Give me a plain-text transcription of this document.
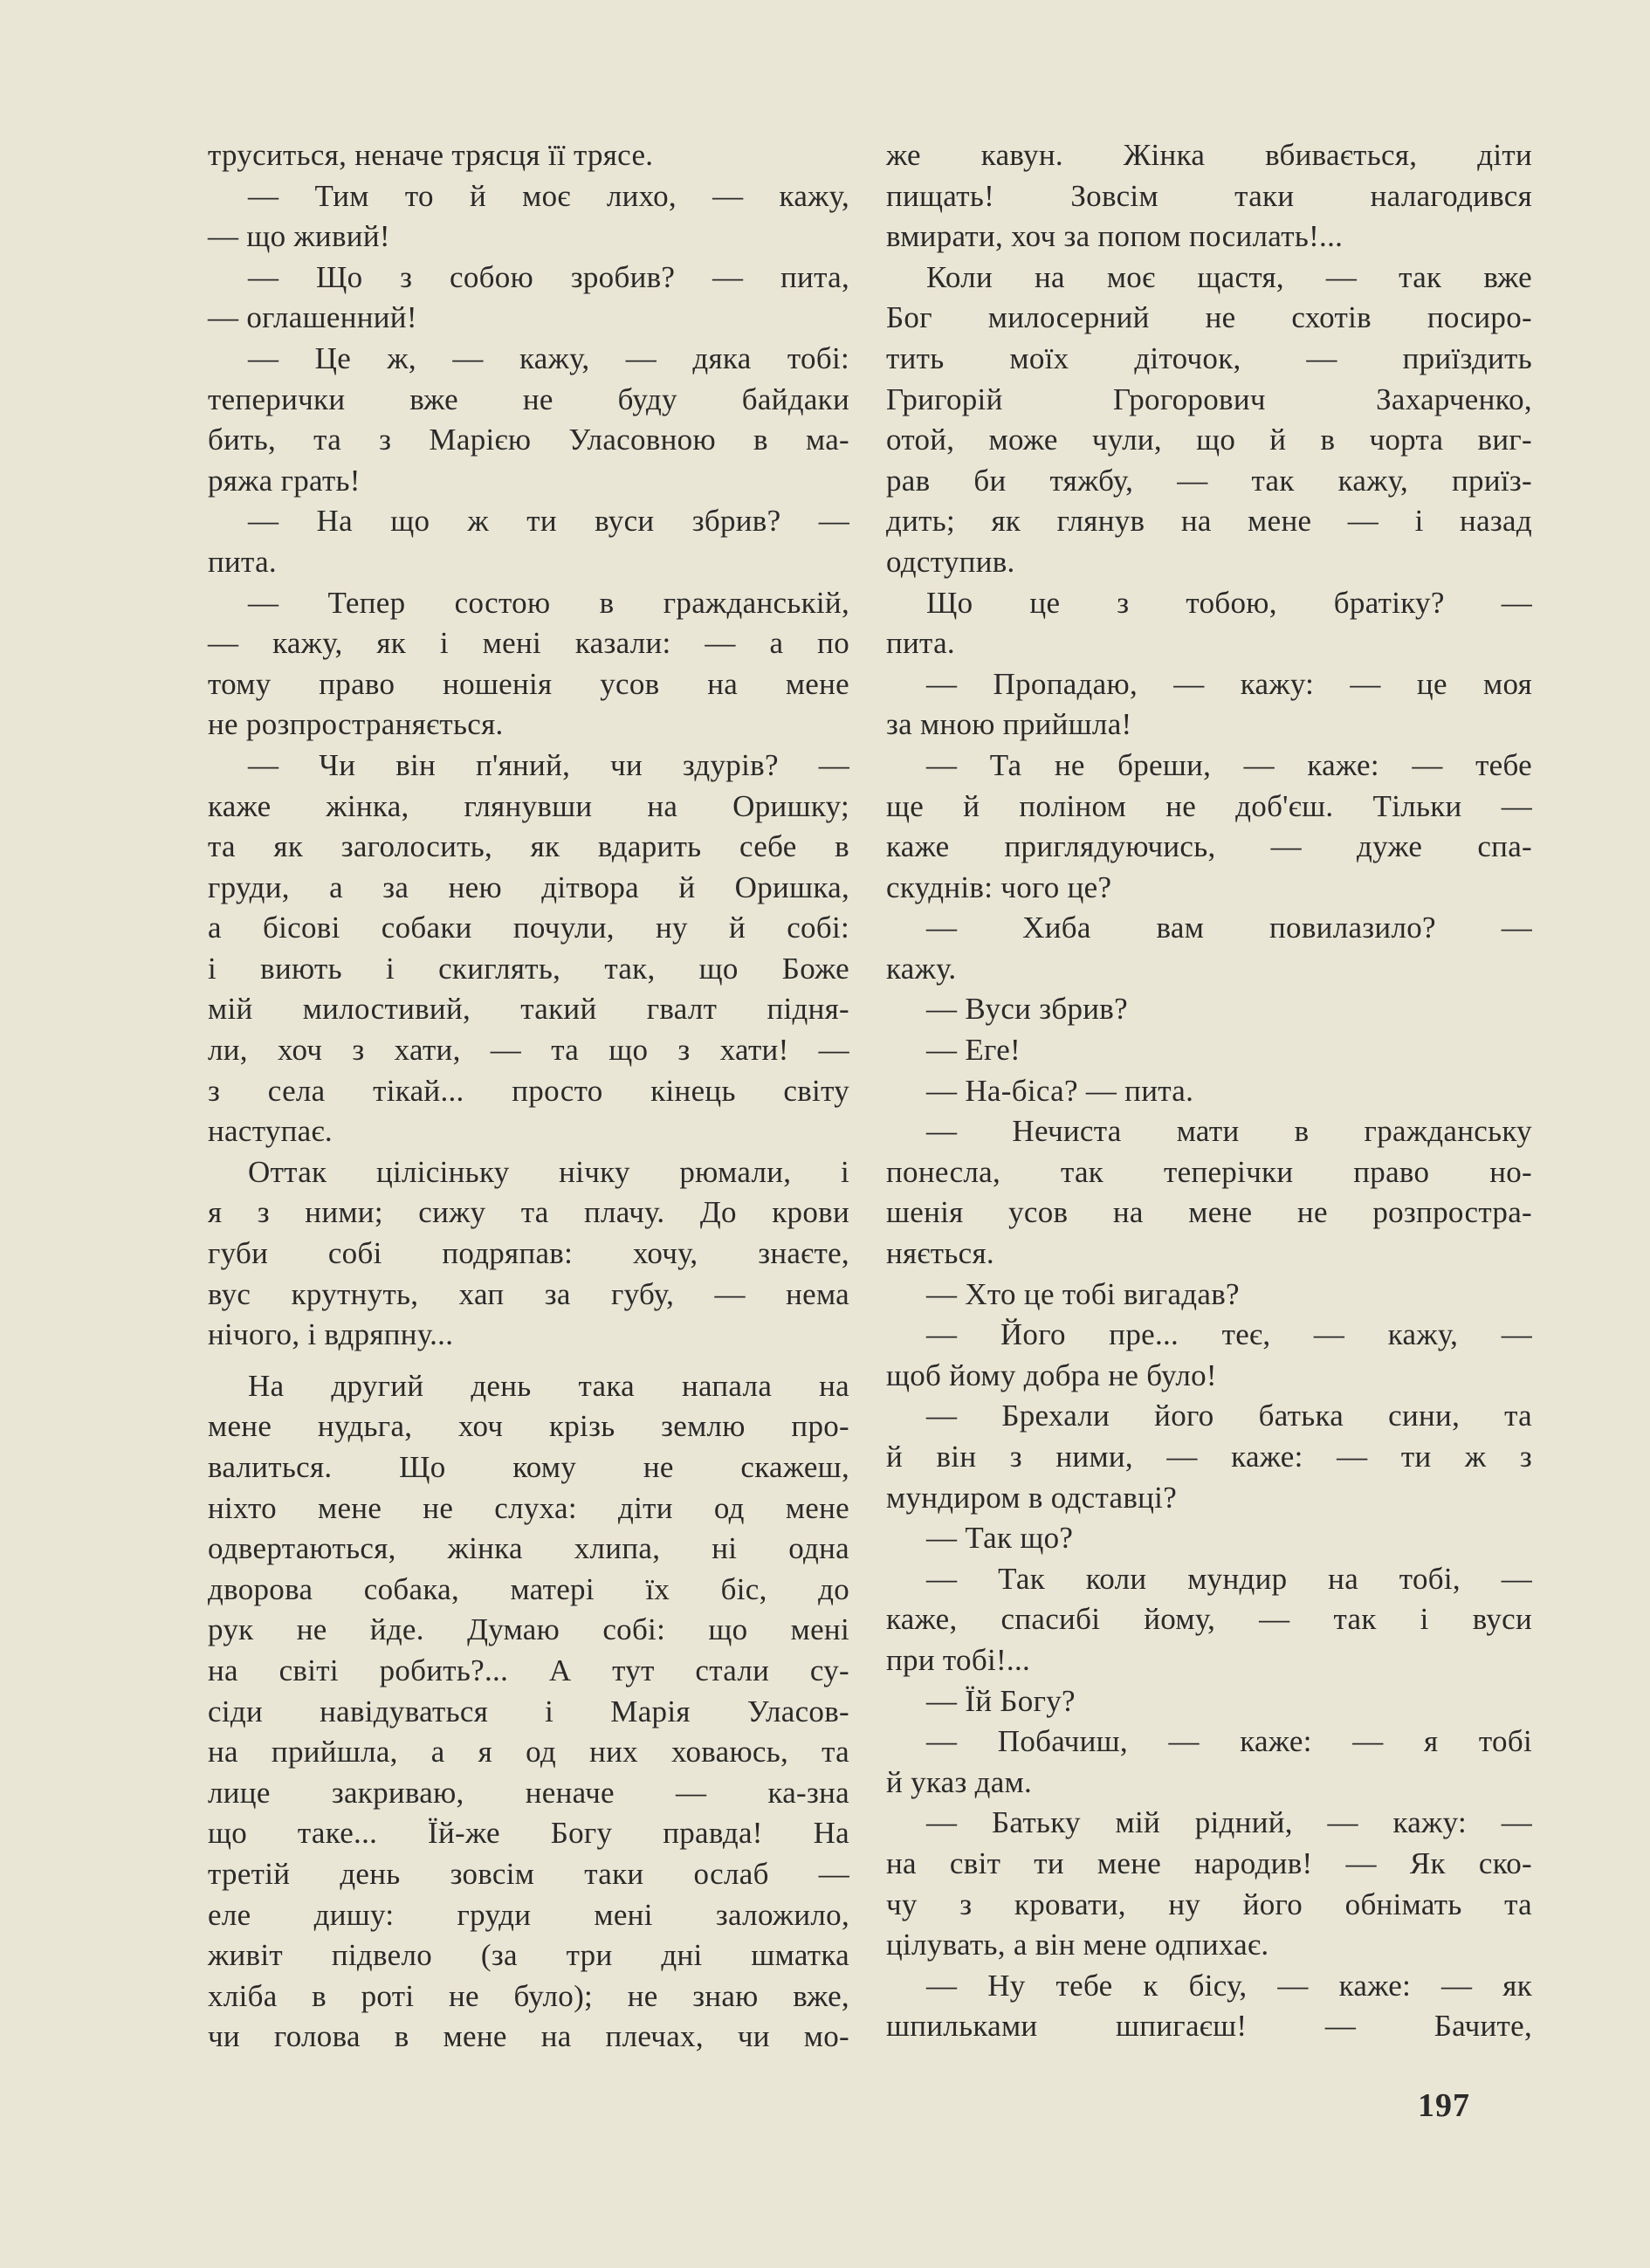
труситься, неначе трясця її трясе.
— Тим то й моє лихо, — кажу,
— що живий!
— Що з собою зробив? — пита,
— оглашенний!
— Це ж, — кажу, — дяка тобі:
теперички вже не буду байдаки
бить, та з Марією Уласовною в ма-
ряжа грать!
— На що ж ти вуси збрив? —
пита.
— Тепер состою в гражданській,
— кажу, як і мені казали: — а по
тому право ношенія усов на мене
не розпространяється.
— Чи він п'яний, чи здурів? —
каже жінка, глянувши на Оришку;
та як заголосить, як вдарить себе в
груди, а за нею дітвора й Оришка,
а бісові собаки почули, ну й собі:
і виють і скиглять, так, що Боже
мій милостивий, такий гвалт підня-
ли, хоч з хати, — та що з хати! —
з села тікай... просто кінець світу
наступає.
Оттак цілісіньку нічку рюмали, і
я з ними; сижу та плачу. До крови
губи собі подряпав: хочу, знаєте,
вус крутнуть, хап за губу, — нема
нічого, і вдряпну...
На другий день така напала на
мене нудьга, хоч крізь землю про-
валиться. Що кому не скажеш,
ніхто мене не слуха: діти од мене
одвертаються, жінка хлипа, ні одна
дворова собака, матері їх біс, до
рук не йде. Думаю собі: що мені
на світі робить?... А тут стали су-
сіди навідуваться і Марія Уласов-
на прийшла, а я од них ховаюсь, та
лице закриваю, неначе — ка-зна
що таке... Їй-же Богу правда! На
третій день зовсім таки ослаб —
еле дишу: груди мені заложило,
живіт підвело (за три дні шматка
хліба в роті не було); не знаю вже,
чи голова в мене на плечах, чи мо-
же кавун. Жінка вбивається, діти
пищать! Зовсім таки налагодився
вмирати, хоч за попом посилать!...
Коли на моє щастя, — так вже
Бог милосерний не схотів посиро-
тить моїх діточок, — приїздить
Григорій Грогорович Захарченко,
отой, може чули, що й в чорта виг-
рав би тяжбу, — так кажу, приїз-
дить; як глянув на мене — і назад
одступив.
Що це з тобою, братіку? —
пита.
— Пропадаю, — кажу: — це моя
за мною прийшла!
— Та не бреши, — каже: — тебе
ще й поліном не доб'єш. Тільки —
каже приглядуючись, — дуже спа-
скуднів: чого це?
— Хиба вам повилазило? —
кажу.
— Вуси збрив?
— Еге!
— На-біса? — пита.
— Нечиста мати в гражданську
понесла, так теперічки право но-
шенія усов на мене не розпростра-
няється.
— Хто це тобі вигадав?
— Його пре... теє, — кажу, —
щоб йому добра не було!
— Брехали його батька сини, та
й він з ними, — каже: — ти ж з
мундиром в одставці?
— Так що?
— Так коли мундир на тобі, —
каже, спасибі йому, — так і вуси
при тобі!...
— Їй Богу?
— Побачиш, — каже: — я тобі
й указ дам.
— Батьку мій рідний, — кажу: —
на світ ти мене народив! — Як ско-
чу з кровати, ну його обнімать та
цілувать, а він мене одпихає.
— Ну тебе к бісу, — каже: — як
шпильками шпигаєш! — Бачите,
197
